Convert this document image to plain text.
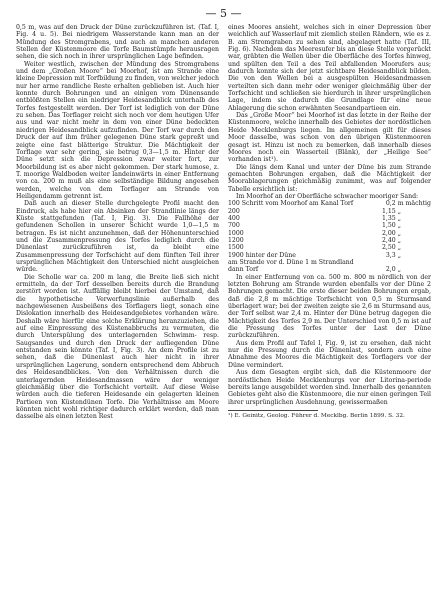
— 5 —

0,5 m, was auf den Druck der Düne zurückzuführen ist. (Taf. I, Fig. 4 u. 5). Bei niedrigem Wasserstande kann man an der Mündung des Stromgrabens, und auch an manchen anderen Stellen der Küstenmoore die Torfe Baumstümpfe herausragen sehen, die sich noch in ihrer ursprünglichen Lage befinden.

Weiter westlich, zwischen der Mündung des Stromgrabens und dem „Großen Moore“ bei Moorhof, ist am Strande eine kleine Depression mit Torfbildung zu finden, von welcher jedoch nur her arme randliche Reste erhalten geblieben ist. Auch hier konnte durch Bohrungen und an einigen vom Dünensande entblößten Stellen ein niedriger Heidesandblick unterhalb des Torfes festgestellt werden. Der Torf ist lediglich von der Düne zu sehen. Das Torflager reicht sich noch vor dem heutigen Ufer aus und war nicht mehr in dem von einer Düne bedeckten niedrigen Heidesandblick aufzufinden. Der Torf war durch den Druck der auf ihm früher gelegenen Düne stark gepreßt und zeigte eine fast blätterige Struktur. Die Mächtigkeit der Torflage war sehr gering, sie betrug 0,3—1,5 m. Hinter der Düne setzt sich die Depression zwar weiter fort, zur Moorbildung ist es aber nicht gekommen. Der stark humose, z. T. moorige Waldboden weiter landeinwärts in einer Entfernung von ca. 200 m muß als eine selbständige Bildung angesehen werden, welche von dem Torflager am Strande von Heiligendamm getrennt ist.

Daß auch an dieser Stelle durchgelegte Profil macht den Eindruck, als habe hier ein Absinken der Strandlinie längs der Küste stattgefunden (Taf. I, Fig. 3). Die Fallhöhe der gefundenen Schollen in unserer Schicht wurde 1,0—1,5 m betragen. Es ist nicht anzunehmen, daß der Höhenunterschied und die Zusammenpressung des Torfes lediglich durch die Dünenlast zurückzuführen ist, da bleibt eine Zusammenpressung der Torfschicht auf dem fünften Teil ihrer ursprünglichen Mächtigkeit den Unterschied nicht ausgleichen würde.

Die Scholle war ca. 200 m lang, die Breite ließ sich nicht ermitteln, da der Torf desselben bereits durch die Brandung zerstört worden ist. Auffällig bleibt hierbei der Umstand, daß die hypothetische Verwerfungslinie außerhalb des nachgewiesenen Ausbeißens des Torflagers liegt, sonach eine Dislokation innerhalb des Heidesandgebietes vorhanden wäre. Deshalb wäre hierfür eine solche Erklärung heranzuziehen, die auf eine Einpressung des Küstenabbruchs zu vermuten, die durch Unterspülung des unterlagernden Schwimm- resp. Saugsandes und durch den Druck der aufliegenden Düne entstanden sein könnte (Taf. I, Fig. 3). An dem Profile ist zu sehen, daß die Dünenlast auch hier nicht in ihrer ursprünglichen Lagerung, sondern entsprechend dem Abbruch des Heidesandblickes. Von den Verhältnissen durch die unterlagernden Heidesandmassen wäre der weniger gleichmäßig über die Torfschicht verteilt. Auf diese Weise würden auch die tieferen Heidesande ein gelagerten kleinen Partieen von Küstendünen Torfe. Die Verhältnisse am Moore könnten nicht wohl richtiger dadurch erklärt werden, daß man dasselbe als einen letzten Rest

eines Moores ansieht, welches sich in einer Depression über weichlich auf Wasserlauf mit ziemlich steilen Rändern, wie es z. B. am Stromgraben zu sehen sind, abgelagert hatte (Taf. III, Fig. 6). Nachdem das Meeresufer bis an diese Stelle vorgerückt war, gräbten die Wellen über die Oberfläche des Torfes hinweg, und spülten den Teil a des Teil abfallenden Moorufers aus; dadurch konnte sich der jetzt sichtbare Heidesandblick bilden. Die von den Wellen bei a ausgespülten Heidesandmassen verteilten sich dann mehr oder weniger gleichmäßig über der Torfschicht und schließen sie hierdurch in ihrer ursprünglichen Lage, indem sie dadurch die Grundlage für eine neue Ablagerung die schon erwähnten Seesandpartieen ein.

Das „Große Moor“ bei Moorhof ist das letzte in der Reihe der Küstenmoore, welche innerhalb des Gebietes der nordöstlichen Heide Mecklenburgs liegen. Im allgemeinen gilt für dieses Moor dasselbe, was schon von den übrigen Küstenmooren gesagt ist. Hinzu ist noch zu bemerken, daß innerhalb dieses Moores noch ein Wasserteil (Blänk), der „Heilige See“ vorhanden ist¹).

Die längs dem Kanal und unter der Düne bis zum Strande gemachten Bohrungen ergaben, daß die Mächtigkeit der Moorablagerungen gleichmäßig zunimmt, was auf folgender Tabelle ersichtlich ist:

Im Moorhof an der Oberfläche schwacher mooriger Sand:

100 Schritt vom Moorhof am Kanal Torf	0,2	m mächtig
200	1,15	„
400	1,35	„
700	1,50	„
1000	2,00	„
1200	2,40	„
1500	2,50	„
1900 hinter der Düne	3,3	„
am Strande vor d. Düne 1 m Strandland		
dann Torf	2,0	„

In einer Entfernung von ca. 500 m. 800 m nördlich von der letzten Bohrung am Strande wurden ebenfalls vor der Düne 2 Bohrungen gemacht. Die erste dieser beiden Bohrungen ergab, daß die 2,8 m mächtige Torfschicht von 0,5 m Sturmsand überlagert war; bei der zweiten zeigte sie 2,6 m Sturmsand aus, der Torf selbst war 2,4 m. Hinter der Düne betrug dagegen die Mächtigkeit des Torfes 2,9 m. Der Unterschied von 0,5 m ist auf die Pressung des Torfes unter der Last der Düne zurückzuführen.

Aus dem Profil auf Tafel I, Fig. 9, ist zu ersehen, daß nicht nur die Pressung durch die Dünenlast, sondern auch eine Abnahme des Moores die Mächtigkeit des Torflagers vor der Düne vermindert.

Aus dem Gesagten ergibt sich, daß die Küstenmoore der nordöstlichen Heide Mecklenburgs vor der Litorina-periode bereits lange ausgebildet worden sind. Innerhalb des genannten Gebietes geht also die Küstenmoore, die nur einen geringen Teil ihrer ursprünglichen Ausdehnung, gewissermaßen

¹) E. Geinitz, Geolog. Führer d. Mecklbg. Berlin 1899. S. 32.
